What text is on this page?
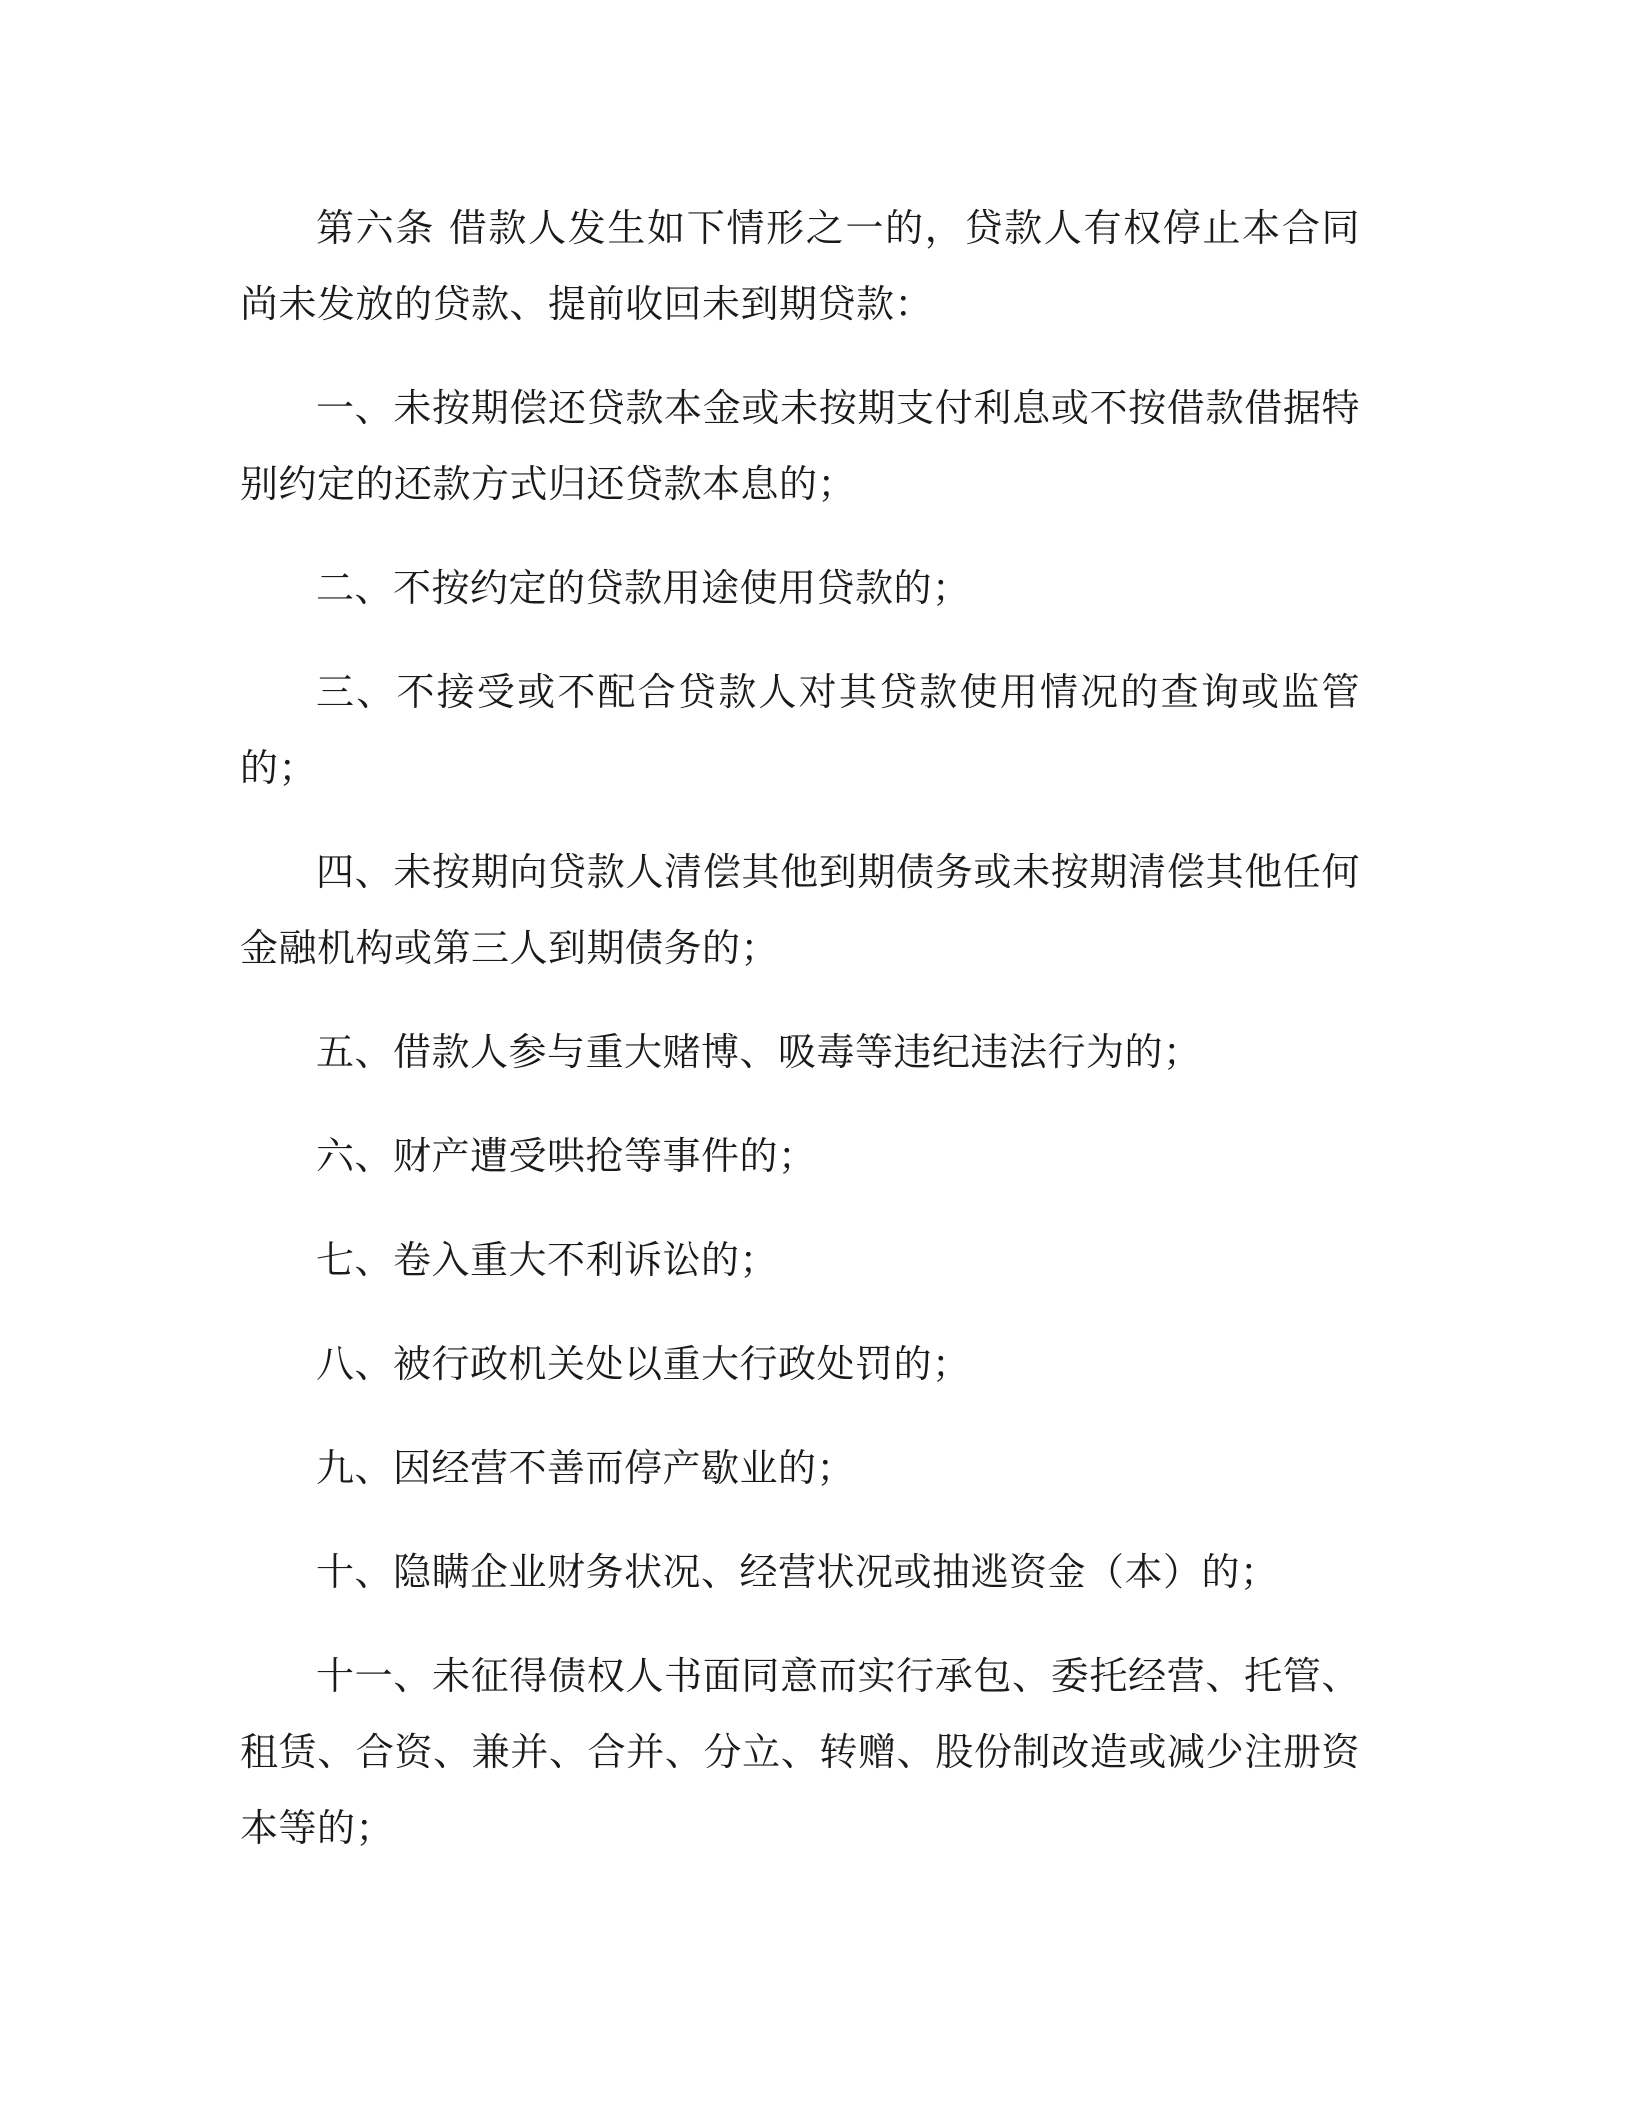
第六条 借款人发生如下情形之一的，贷款人有权停止本合同尚未发放的贷款、提前收回未到期贷款：

一、未按期偿还贷款本金或未按期支付利息或不按借款借据特别约定的还款方式归还贷款本息的；

二、不按约定的贷款用途使用贷款的；

三、不接受或不配合贷款人对其贷款使用情况的查询或监管的；

四、未按期向贷款人清偿其他到期债务或未按期清偿其他任何金融机构或第三人到期债务的；

五、借款人参与重大赌博、吸毒等违纪违法行为的；

六、财产遭受哄抢等事件的；

七、卷入重大不利诉讼的；

八、被行政机关处以重大行政处罚的；

九、因经营不善而停产歇业的；

十、隐瞒企业财务状况、经营状况或抽逃资金（本）的；

十一、未征得债权人书面同意而实行承包、委托经营、托管、租赁、合资、兼并、合并、分立、转赠、股份制改造或减少注册资本等的；
